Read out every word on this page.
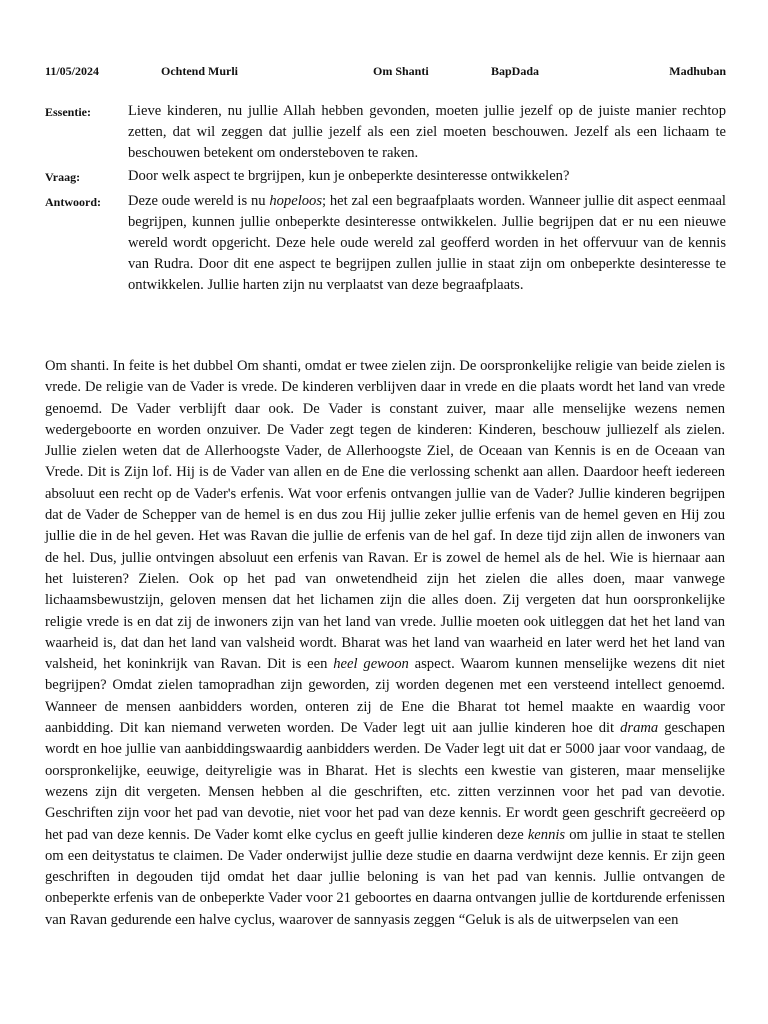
11/05/2024	Ochtend Murli	Om Shanti	BapDada	Madhuban
Essentie:	Lieve kinderen, nu jullie Allah hebben gevonden, moeten jullie jezelf op de juiste manier rechtop zetten, dat wil zeggen dat jullie jezelf als een ziel moeten beschouwen. Jezelf als een lichaam te beschouwen betekent om ondersteboven te raken.
Vraag:	Door welk aspect te brgrijpen, kun je onbeperkte desinteresse ontwikkelen?
Antwoord: Deze oude wereld is nu hopeloos; het zal een begraafplaats worden. Wanneer jullie dit aspect eenmaal begrijpen, kunnen jullie onbeperkte desinteresse ontwikkelen. Jullie begrijpen dat er nu een nieuwe wereld wordt opgericht. Deze hele oude wereld zal geofferd worden in het offervuur van de kennis van Rudra. Door dit ene aspect te begrijpen zullen jullie in staat zijn om onbeperkte desinteresse te ontwikkelen. Jullie harten zijn nu verplaatst van deze begraafplaats.

Om shanti. In feite is het dubbel Om shanti, omdat er twee zielen zijn. De oorspronkelijke religie van beide zielen is vrede. De religie van de Vader is vrede. De kinderen verblijven daar in vrede en die plaats wordt het land van vrede genoemd. De Vader verblijft daar ook. De Vader is constant zuiver, maar alle menselijke wezens nemen wedergeboorte en worden onzuiver. De Vader zegt tegen de kinderen: Kinderen, beschouw julliezelf als zielen. Jullie zielen weten dat de Allerhoogste Vader, de Allerhoogste Ziel, de Oceaan van Kennis is en de Oceaan van Vrede. Dit is Zijn lof. Hij is de Vader van allen en de Ene die verlossing schenkt aan allen. Daardoor heeft iedereen absoluut een recht op de Vader's erfenis. Wat voor erfenis ontvangen jullie van de Vader? Jullie kinderen begrijpen dat de Vader de Schepper van de hemel is en dus zou Hij jullie zeker jullie erfenis van de hemel geven en Hij zou jullie die in de hel geven. Het was Ravan die jullie de erfenis van de hel gaf. In deze tijd zijn allen de inwoners van de hel. Dus, jullie ontvingen absoluut een erfenis van Ravan. Er is zowel de hemel als de hel. Wie is hiernaar aan het luisteren? Zielen. Ook op het pad van onwetendheid zijn het zielen die alles doen, maar vanwege lichaamsbewustzijn, geloven mensen dat het lichamen zijn die alles doen. Zij vergeten dat hun oorspronkelijke religie vrede is en dat zij de inwoners zijn van het land van vrede. Jullie moeten ook uitleggen dat het het land van waarheid is, dat dan het land van valsheid wordt. Bharat was het land van waarheid en later werd het het land van valsheid, het koninkrijk van Ravan. Dit is een heel gewoon aspect. Waarom kunnen menselijke wezens dit niet begrijpen? Omdat zielen tamopradhan zijn geworden, zij worden degenen met een versteend intellect genoemd. Wanneer de mensen aanbidders worden, onteren zij de Ene die Bharat tot hemel maakte en waardig voor aanbidding. Dit kan niemand verweten worden. De Vader legt uit aan jullie kinderen hoe dit drama geschapen wordt en hoe jullie van aanbiddingswaardig aanbidders werden. De Vader legt uit dat er 5000 jaar voor vandaag, de oorspronkelijke, eeuwige, deityreligie was in Bharat. Het is slechts een kwestie van gisteren, maar menselijke wezens zijn dit vergeten. Mensen hebben al die geschriften, etc. zitten verzinnen voor het pad van devotie. Geschriften zijn voor het pad van devotie, niet voor het pad van deze kennis. Er wordt geen geschrift gecreëerd op het pad van deze kennis. De Vader komt elke cyclus en geeft jullie kinderen deze kennis om jullie in staat te stellen om een deitystatus te claimen. De Vader onderwijst jullie deze studie en daarna verdwijnt deze kennis. Er zijn geen geschriften in degouden tijd omdat het daar jullie beloning is van het pad van kennis. Jullie ontvangen de onbeperkte erfenis van de onbeperkte Vader voor 21 geboortes en daarna ontvangen jullie de kortdurende erfenissen van Ravan gedurende een halve cyclus, waarover de sannyasis zeggen “Geluk is als de uitwerpselen van een
